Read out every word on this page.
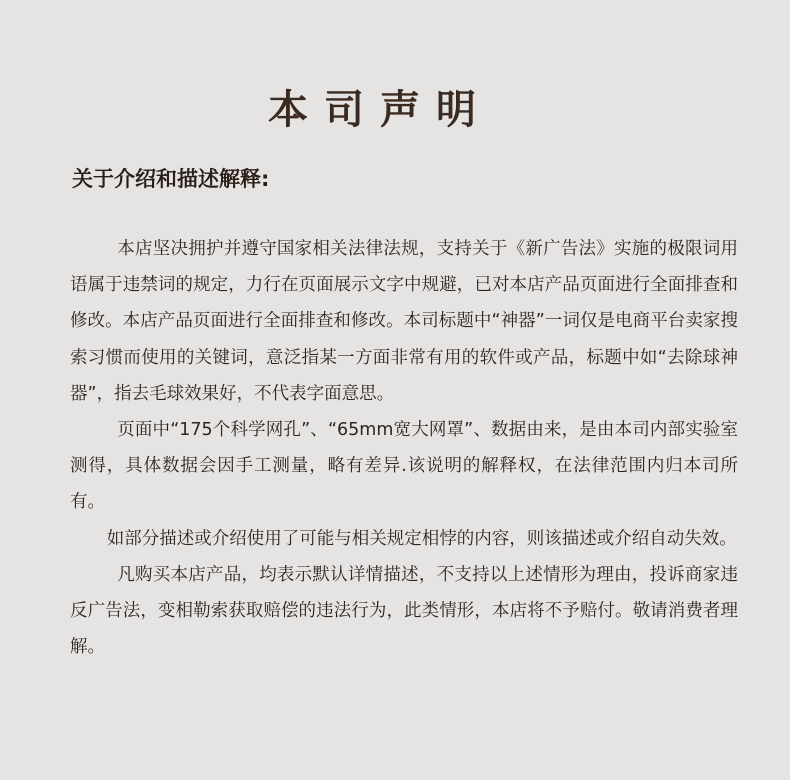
本司声明
关于介绍和描述解释:

本店坚决拥护并遵守国家相关法律法规，支持关于《新广告法》实施的极限词用语属于违禁词的规定，力行在页面展示文字中规避，已对本店产品页面进行全面排查和修改。本店产品页面进行全面排查和修改。本司标题中“神器”一词仅是电商平台卖家搜索习惯而使用的关键词，意泛指某一方面非常有用的软件或产品，标题中如“去除球神器”，指去毛球效果好，不代表字面意思。

页面中“175个科学网孔”、“65mm宽大网罩”、数据由来，是由本司内部实验室测得，具体数据会因手工测量，略有差异.该说明的解释权，在法律范围内归本司所有。

如部分描述或介绍使用了可能与相关规定相悖的内容，则该描述或介绍自动失效。

凡购买本店产品，均表示默认详情描述，不支持以上述情形为理由，投诉商家违反广告法，变相勒索获取赔偿的违法行为，此类情形，本店将不予赔付。敬请消费者理解。
